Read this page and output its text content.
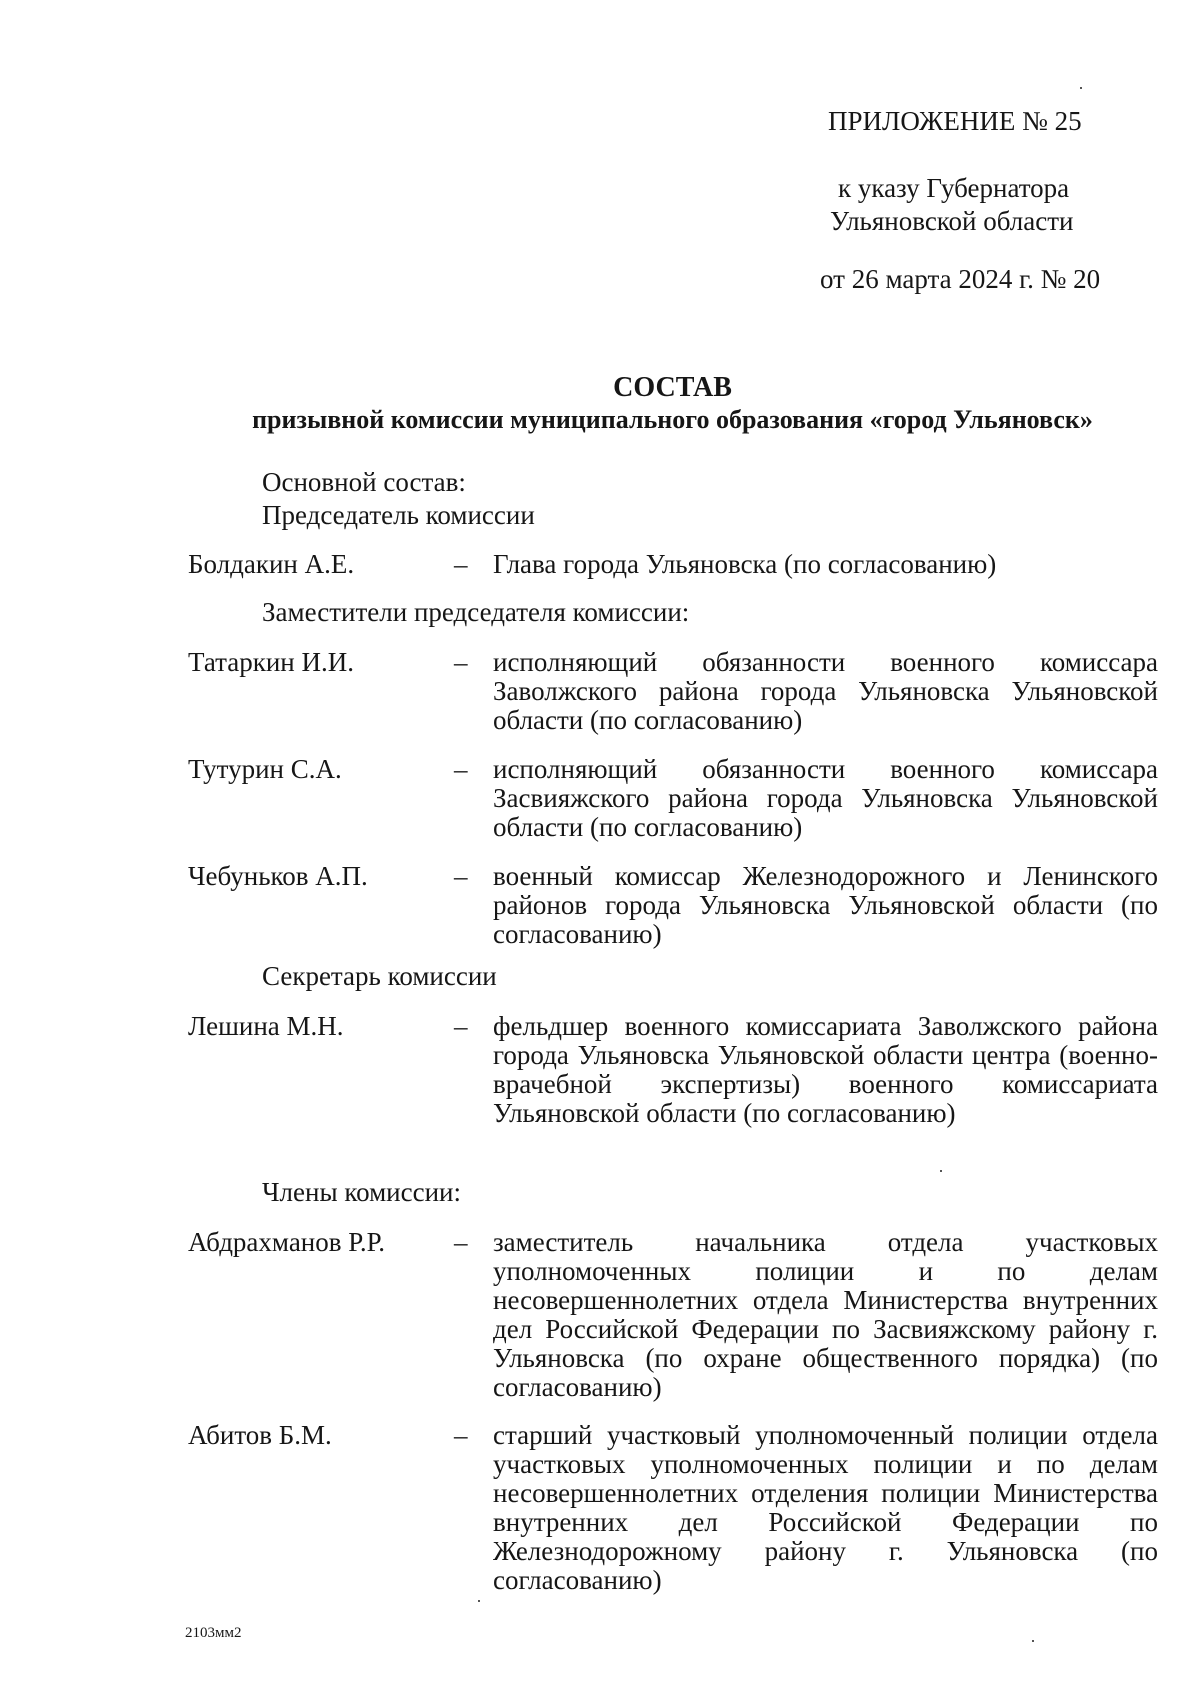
ПРИЛОЖЕНИЕ № 25
к указу Губернатора
Ульяновской области
от 26 марта 2024 г. № 20
СОСТАВ
призывной комиссии муниципального образования «город Ульяновск»
Основной состав:
Председатель комиссии
Болдакин А.Е.	– Глава города Ульяновска (по согласованию)
Заместители председателя комиссии:
Татаркин И.И.	– исполняющий обязанности военного комиссара Заволжского района города Ульяновска Ульяновской области (по согласованию)
Тутурин С.А.	– исполняющий обязанности военного комиссара Засвияжского района города Ульяновска Ульяновской области (по согласованию)
Чебуньков А.П.	– военный комиссар Железнодорожного и Ленинского районов города Ульяновска Ульяновской области (по согласованию)
Секретарь комиссии
Лешина М.Н.	– фельдшер военного комиссариата Заволжского района города Ульяновска Ульяновской области центра (военно-врачебной экспертизы) военного комиссариата Ульяновской области (по согласованию)
Члены комиссии:
Абдрахманов Р.Р.	– заместитель начальника отдела участковых уполномоченных полиции и по делам несовершеннолетних отдела Министерства внутренних дел Российской Федерации по Засвияжскому району г. Ульяновска (по охране общественного порядка) (по согласованию)
Абитов Б.М.	– старший участковый уполномоченный полиции отдела участковых уполномоченных полиции и по делам несовершеннолетних отделения полиции Министерства внутренних дел Российской Федерации по Железнодорожному району г. Ульяновска (по согласованию)
2103мм2
